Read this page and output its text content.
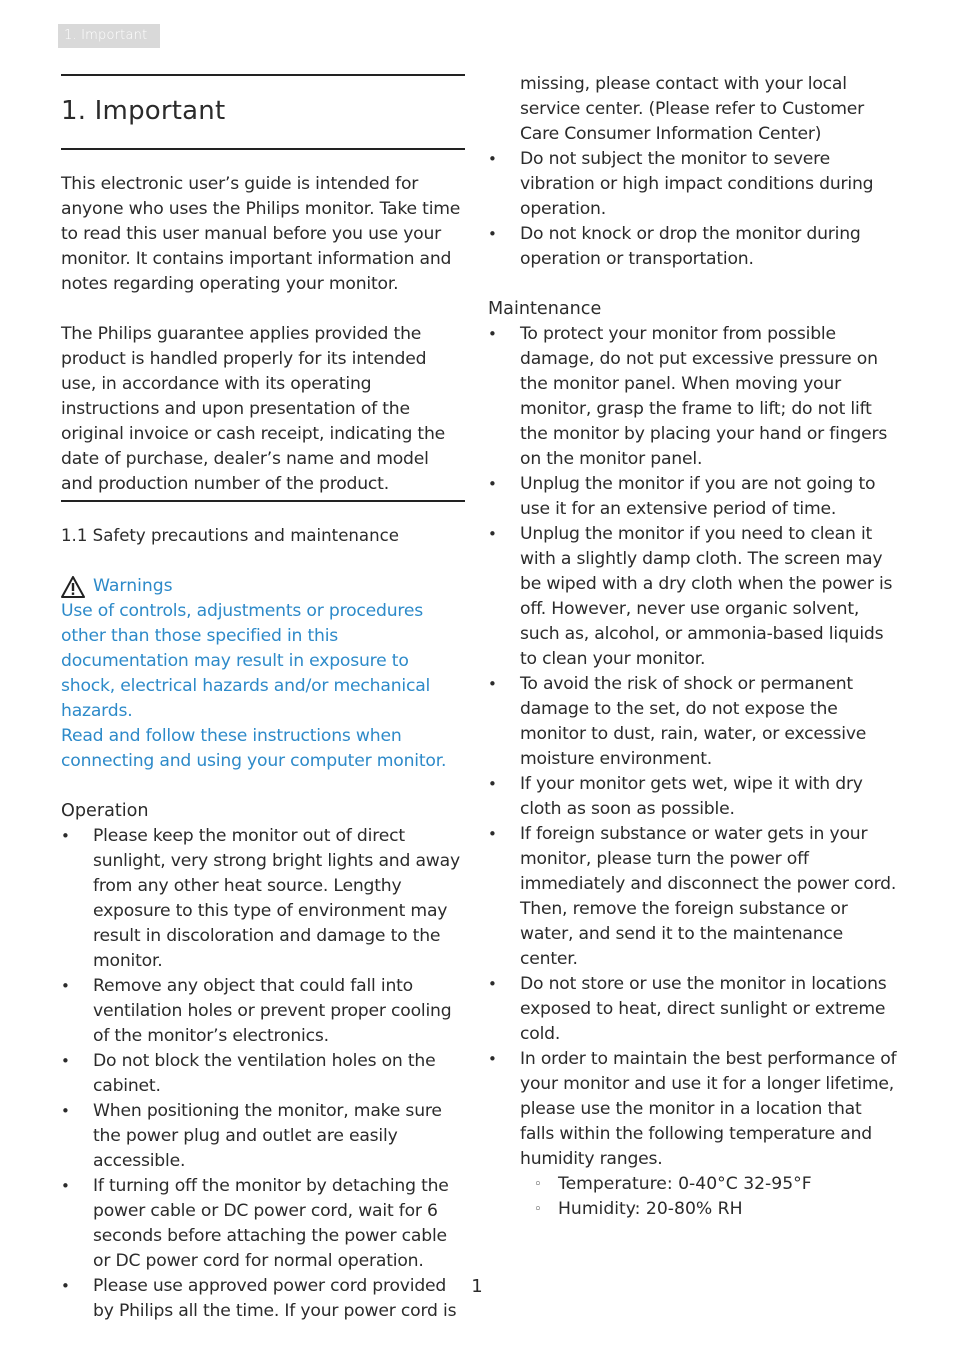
1. Important
1. Important

This electronic user’s guide is intended for anyone who uses the Philips monitor. Take time to read this user manual before you use your monitor. It contains important information and notes regarding operating your monitor.

The Philips guarantee applies provided the product is handled properly for its intended use, in accordance with its operating instructions and upon presentation of the original invoice or cash receipt, indicating the date of purchase, dealer’s name and model and production number of the product.

1.1 Safety precautions and maintenance
Warnings

Use of controls, adjustments or procedures other than those specified in this documentation may result in exposure to shock, electrical hazards and/or mechanical hazards.

Read and follow these instructions when connecting and using your computer monitor.

Operation
• Please keep the monitor out of direct sunlight, very strong bright lights and away from any other heat source. Lengthy exposure to this type of environment may result in discoloration and damage to the monitor.
• Remove any object that could fall into ventilation holes or prevent proper cooling of the monitor’s electronics.
• Do not block the ventilation holes on the cabinet.
• When positioning the monitor, make sure the power plug and outlet are easily accessible.
• If turning off the monitor by detaching the power cable or DC power cord, wait for 6 seconds before attaching the power cable or DC power cord for normal operation.
• Please use approved power cord provided by Philips all the time. If your power cord is
missing, please contact with your local service center. (Please refer to Customer Care Consumer Information Center)
• Do not subject the monitor to severe vibration or high impact conditions during operation.
• Do not knock or drop the monitor during operation or transportation.
Maintenance
• To protect your monitor from possible damage, do not put excessive pressure on the monitor panel. When moving your monitor, grasp the frame to lift; do not lift the monitor by placing your hand or fingers on the monitor panel.
• Unplug the monitor if you are not going to use it for an extensive period of time.
• Unplug the monitor if you need to clean it with a slightly damp cloth. The screen may be wiped with a dry cloth when the power is off. However, never use organic solvent, such as, alcohol, or ammonia-based liquids to clean your monitor.
• To avoid the risk of shock or permanent damage to the set, do not expose the monitor to dust, rain, water, or excessive moisture environment.
• If your monitor gets wet, wipe it with dry cloth as soon as possible.
• If foreign substance or water gets in your monitor, please turn the power off immediately and disconnect the power cord. Then, remove the foreign substance or water, and send it to the maintenance center.
• Do not store or use the monitor in locations exposed to heat, direct sunlight or extreme cold.
• In order to maintain the best performance of your monitor and use it for a longer lifetime, please use the monitor in a location that falls within the following temperature and humidity ranges.
◦ Temperature: 0-40°C 32-95°F
◦ Humidity: 20-80% RH
1
